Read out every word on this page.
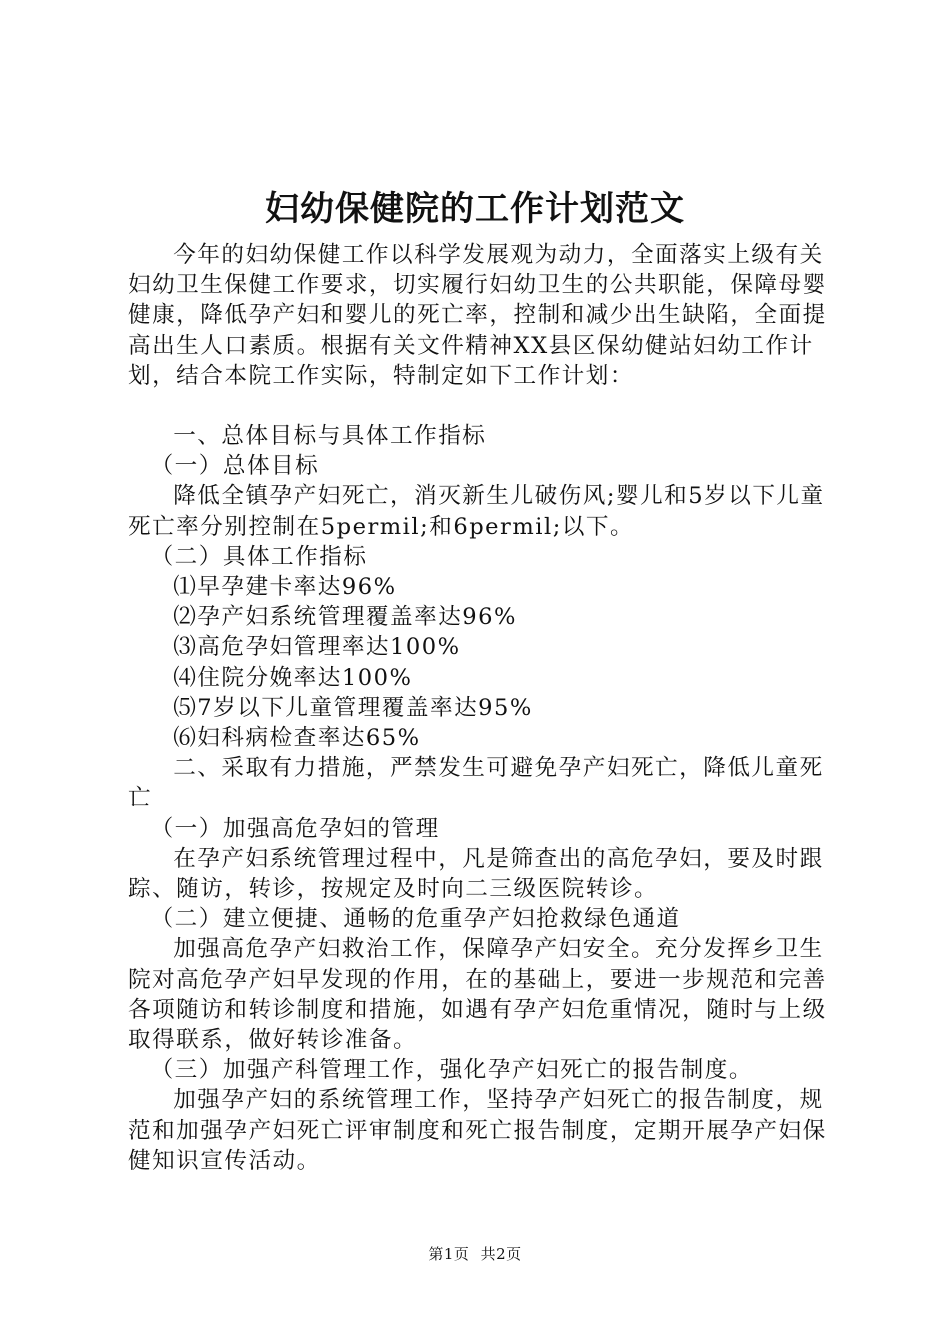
妇幼保健院的工作计划范文

今年的妇幼保健工作以科学发展观为动力，全面落实上级有关妇幼卫生保健工作要求，切实履行妇幼卫生的公共职能，保障母婴健康，降低孕产妇和婴儿的死亡率，控制和减少出生缺陷，全面提高出生人口素质。根据有关文件精神XX县区保幼健站妇幼工作计划，结合本院工作实际，特制定如下工作计划：

一、总体目标与具体工作指标

（一）总体目标

降低全镇孕产妇死亡，消灭新生儿破伤风;婴儿和5岁以下儿童死亡率分别控制在5permil;和6permil;以下。

（二）具体工作指标

⑴早孕建卡率达96%

⑵孕产妇系统管理覆盖率达96%

⑶高危孕妇管理率达100%

⑷住院分娩率达100%

⑸7岁以下儿童管理覆盖率达95%

⑹妇科病检查率达65%

二、采取有力措施，严禁发生可避免孕产妇死亡，降低儿童死亡

（一）加强高危孕妇的管理

在孕产妇系统管理过程中，凡是筛查出的高危孕妇，要及时跟踪、随访，转诊，按规定及时向二三级医院转诊。

（二）建立便捷、通畅的危重孕产妇抢救绿色通道

加强高危孕产妇救治工作，保障孕产妇安全。充分发挥乡卫生院对高危孕产妇早发现的作用，在的基础上，要进一步规范和完善各项随访和转诊制度和措施，如遇有孕产妇危重情况，随时与上级取得联系，做好转诊准备。

（三）加强产科管理工作，强化孕产妇死亡的报告制度。

加强孕产妇的系统管理工作，坚持孕产妇死亡的报告制度，规范和加强孕产妇死亡评审制度和死亡报告制度，定期开展孕产妇保健知识宣传活动。

第1页 共2页
